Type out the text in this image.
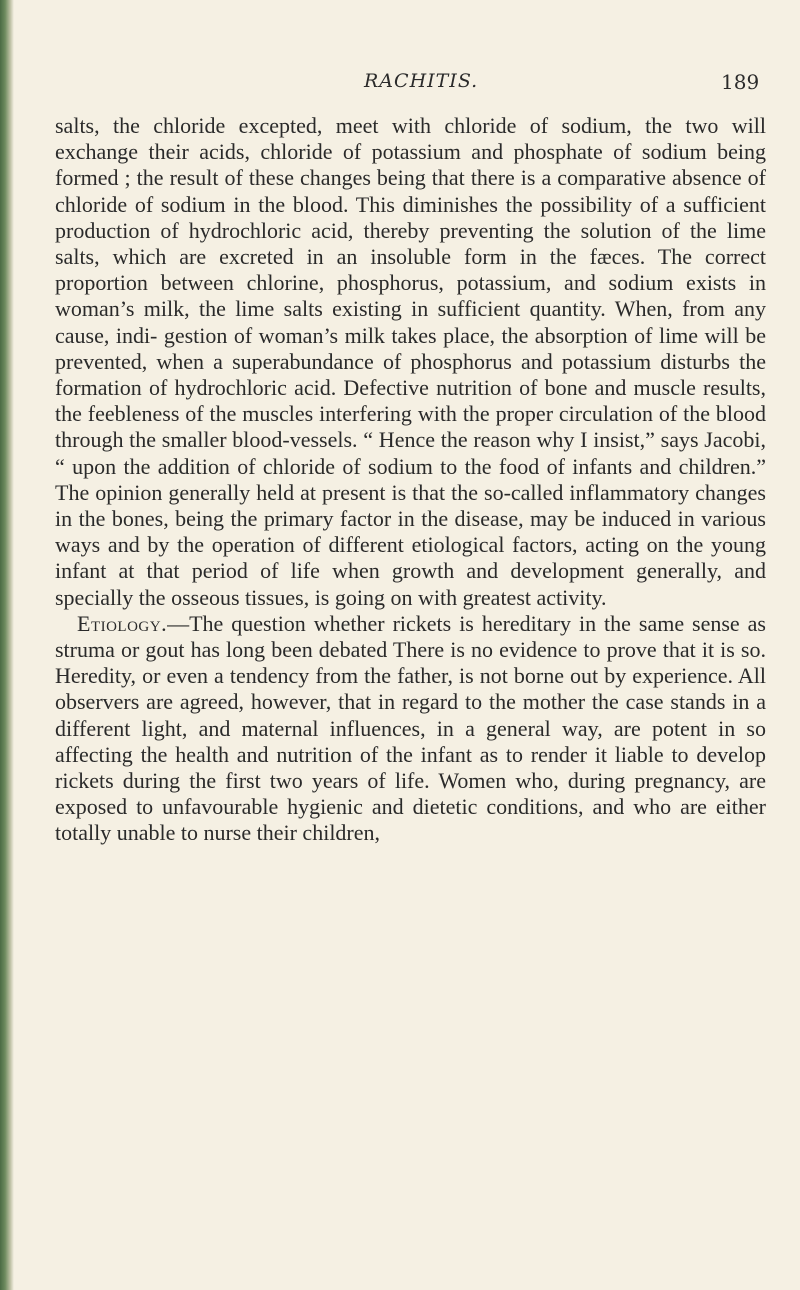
RACHITIS.	189

salts, the chloride excepted, meet with chloride of sodium, the two will exchange their acids, chloride of potassium and phosphate of sodium being formed ; the result of these changes being that there is a comparative absence of chloride of sodium in the blood. This diminishes the possibility of a sufficient production of hydrochloric acid, thereby preventing the solution of the lime salts, which are excreted in an insoluble form in the fæces. The correct proportion between chlorine, phosphorus, potassium, and sodium exists in woman’s milk, the lime salts existing in sufficient quantity. When, from any cause, indi- gestion of woman’s milk takes place, the absorption of lime will be prevented, when a superabundance of phosphorus and potassium disturbs the formation of hydrochloric acid. Defective nutrition of bone and muscle results, the feebleness of the muscles interfering with the proper circulation of the blood through the smaller blood-vessels. “ Hence the reason why I insist,” says Jacobi, “ upon the addition of chloride of sodium to the food of infants and children.” The opinion generally held at present is that the so-called inflammatory changes in the bones, being the primary factor in the disease, may be induced in various ways and by the operation of different etiological factors, acting on the young infant at that period of life when growth and development generally, and specially the osseous tissues, is going on with greatest activity.

Etiology.—The question whether rickets is hereditary in the same sense as struma or gout has long been debated There is no evidence to prove that it is so. Heredity, or even a tendency from the father, is not borne out by experience. All observers are agreed, however, that in regard to the mother the case stands in a different light, and maternal influences, in a general way, are potent in so affecting the health and nutrition of the infant as to render it liable to develop rickets during the first two years of life. Women who, during pregnancy, are exposed to unfavourable hygienic and dietetic conditions, and who are either totally unable to nurse their children,
